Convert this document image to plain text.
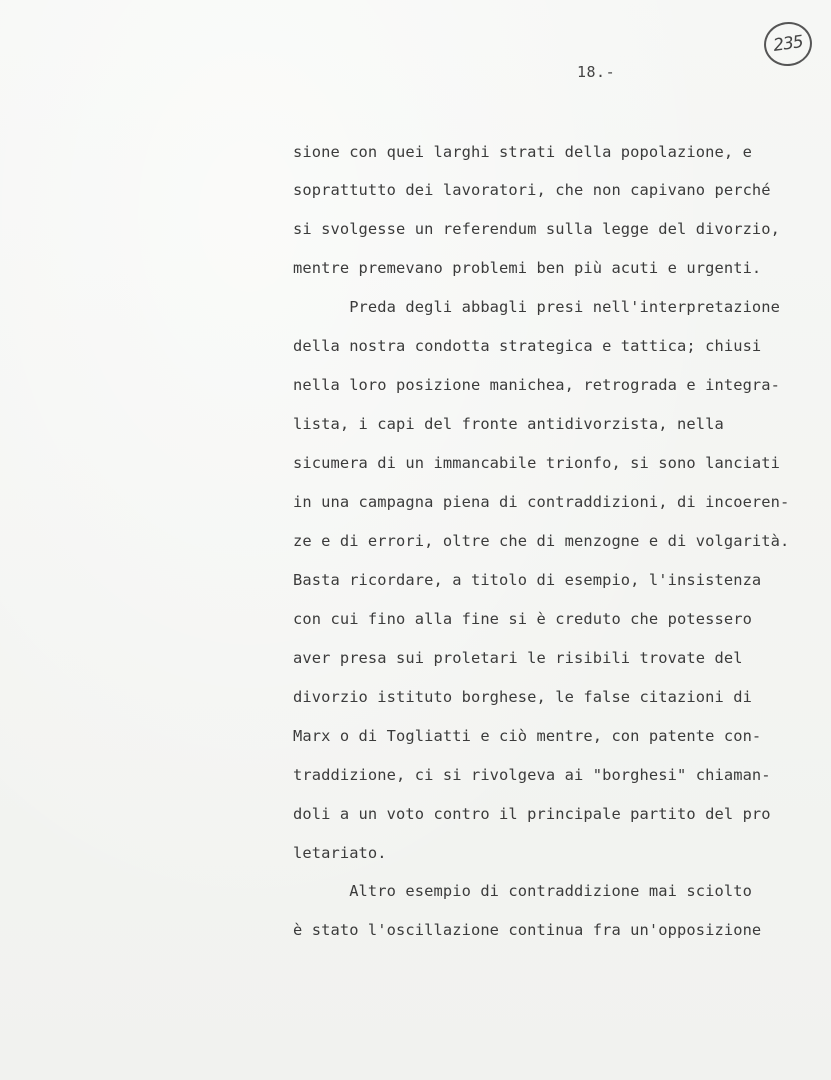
235
18.-
sione con quei larghi strati della popolazione, e
soprattutto dei lavoratori, che non capivano perché
si svolgesse un referendum sulla legge del divorzio,
mentre premevano problemi ben più acuti e urgenti.
Preda degli abbagli presi nell'interpretazione
della nostra condotta strategica e tattica; chiusi
nella loro posizione manichea, retrograda e integra-
lista, i capi del fronte antidivorzista, nella
sicumera di un immancabile trionfo, si sono lanciati
in una campagna piena di contraddizioni, di incoeren-
ze e di errori, oltre che di menzogne e di volgarità.
Basta ricordare, a titolo di esempio, l'insistenza
con cui fino alla fine si è creduto che potessero
aver presa sui proletari le risibili trovate del
divorzio istituto borghese, le false citazioni di
Marx o di Togliatti e ciò mentre, con patente con-
traddizione, ci si rivolgeva ai "borghesi" chiaman-
doli a un voto contro il principale partito del pro
letariato.
Altro esempio di contraddizione mai sciolto
è stato l'oscillazione continua fra un'opposizione
